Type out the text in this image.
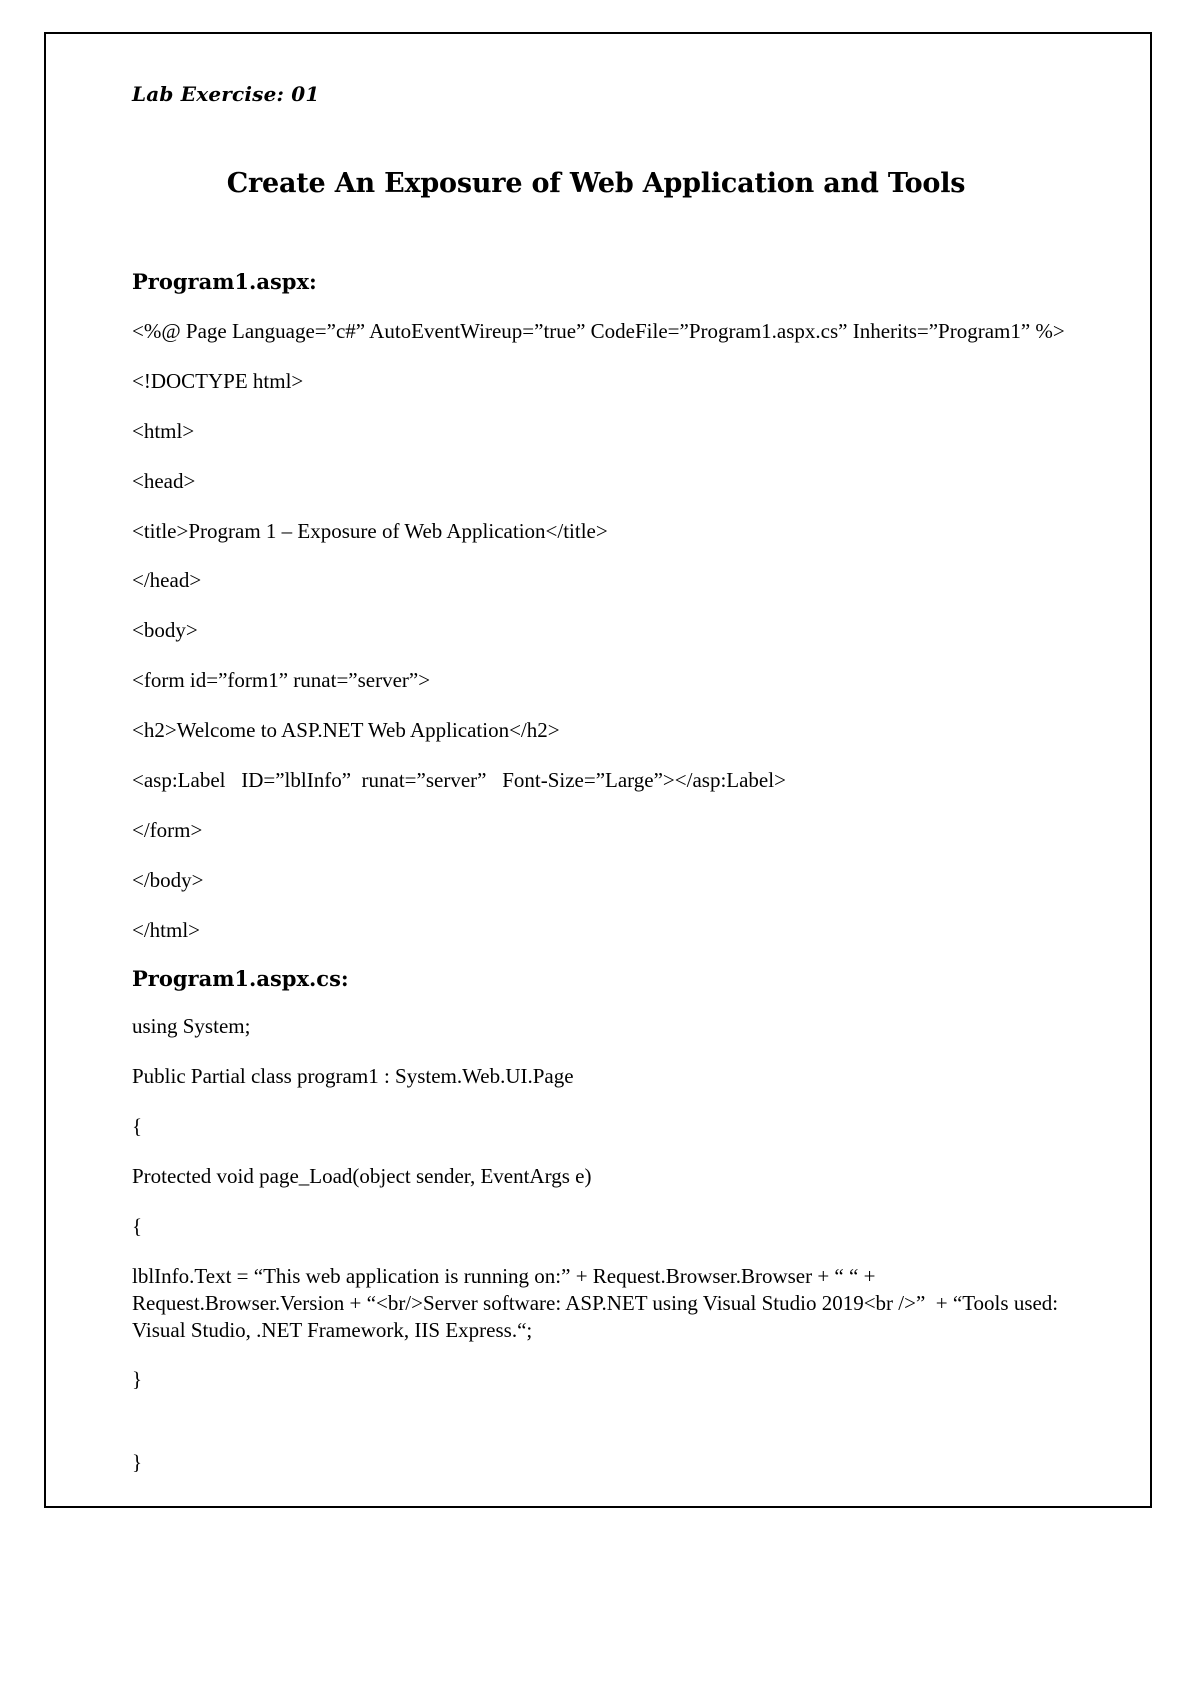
Lab Exercise: 01
Create An Exposure of Web Application and Tools
Program1.aspx:
<%@ Page Language=”c#” AutoEventWireup=”true” CodeFile=”Program1.aspx.cs” Inherits=”Program1” %>
<!DOCTYPE html>
<html>
<head>
<title>Program 1 – Exposure of Web Application</title>
</head>
<body>
<form id=”form1” runat=”server”>
<h2>Welcome to ASP.NET Web Application</h2>
<asp:Label   ID=”lblInfo”  runat=”server”   Font-Size=”Large”></asp:Label>
</form>
</body>
</html>
Program1.aspx.cs:
using System;
Public Partial class program1 : System.Web.UI.Page
{
Protected void page_Load(object sender, EventArgs e)
{
lblInfo.Text = “This web application is running on:” + Request.Browser.Browser + “ “ + Request.Browser.Version + “<br/>Server software: ASP.NET using Visual Studio 2019<br />”  + “Tools used: Visual Studio, .NET Framework, IIS Express.“;
}
}
